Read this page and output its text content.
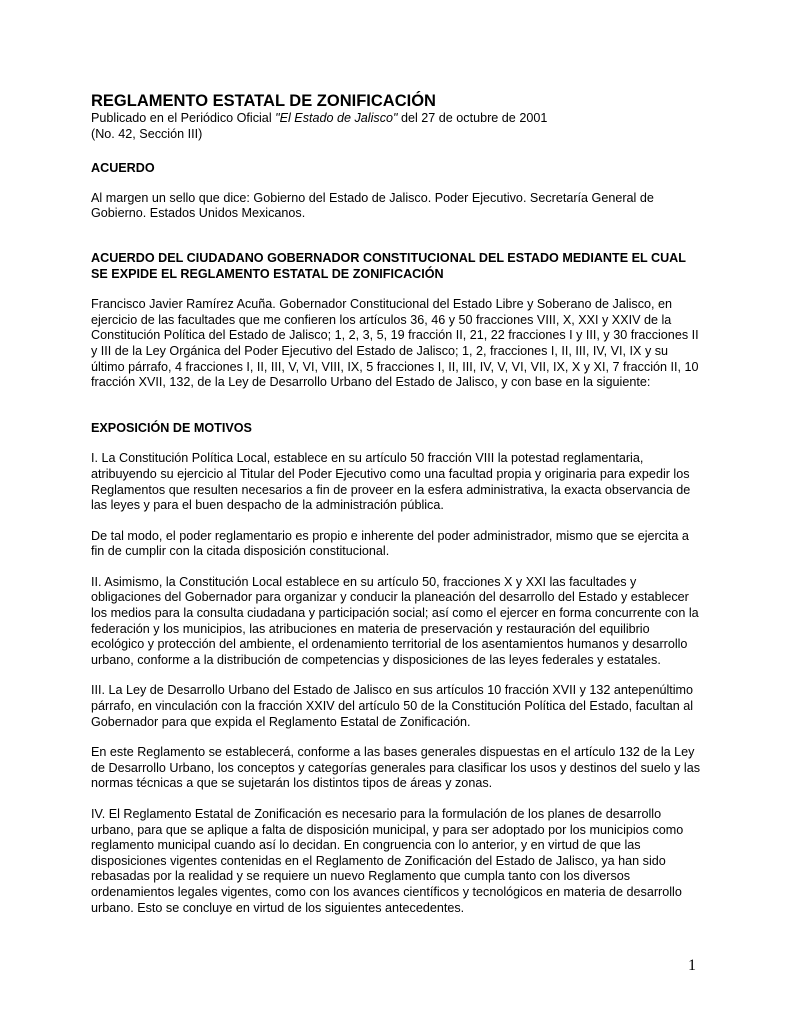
REGLAMENTO ESTATAL DE ZONIFICACIÓN

Publicado en el Periódico Oficial "El Estado de Jalisco" del 27 de octubre de 2001

(No. 42, Sección III)

ACUERDO

Al margen un sello que dice: Gobierno del Estado de Jalisco. Poder Ejecutivo. Secretaría General de Gobierno. Estados Unidos Mexicanos.

ACUERDO DEL CIUDADANO GOBERNADOR CONSTITUCIONAL DEL ESTADO MEDIANTE EL CUAL SE EXPIDE EL REGLAMENTO ESTATAL DE ZONIFICACIÓN

Francisco Javier Ramírez Acuña. Gobernador Constitucional del Estado Libre y Soberano de Jalisco, en ejercicio de las facultades que me confieren los artículos 36, 46 y 50 fracciones VIII, X, XXI y XXIV de la Constitución Política del Estado de Jalisco; 1, 2, 3, 5, 19 fracción II, 21, 22 fracciones I y III, y 30 fracciones II y III de la Ley Orgánica del Poder Ejecutivo del Estado de Jalisco; 1, 2, fracciones I, II, III, IV, VI, IX y su último párrafo, 4 fracciones I, II, III, V, VI, VIII, IX, 5 fracciones I, II, III, IV, V, VI, VII, IX, X y XI, 7 fracción II, 10 fracción XVII, 132, de la Ley de Desarrollo Urbano del Estado de Jalisco, y con base en la siguiente:

EXPOSICIÓN DE MOTIVOS

I. La Constitución Política Local, establece en su artículo 50 fracción VIII la potestad reglamentaria, atribuyendo su ejercicio al Titular del Poder Ejecutivo como una facultad propia y originaria para expedir los Reglamentos que resulten necesarios a fin de proveer en la esfera administrativa, la exacta observancia de las leyes y para el buen despacho de la administración pública.

De tal modo, el poder reglamentario es propio e inherente del poder administrador, mismo que se ejercita a fin de cumplir con la citada disposición constitucional.

II. Asimismo, la Constitución Local establece en su artículo 50, fracciones X y XXI las facultades y obligaciones del Gobernador para organizar y conducir la planeación del desarrollo del Estado y establecer los medios para la consulta ciudadana y participación social; así como el ejercer en forma concurrente con la federación y los municipios, las atribuciones en materia de preservación y restauración del equilibrio ecológico y protección del ambiente, el ordenamiento territorial de los asentamientos humanos y desarrollo urbano, conforme a la distribución de competencias y disposiciones de las leyes federales y estatales.

III. La Ley de Desarrollo Urbano del Estado de Jalisco en sus artículos 10 fracción XVII y 132 antepenúltimo párrafo, en vinculación con la fracción XXIV del artículo 50 de la Constitución Política del Estado, facultan al Gobernador para que expida el Reglamento Estatal de Zonificación.

En este Reglamento se establecerá, conforme a las bases generales dispuestas en el artículo 132 de la Ley de Desarrollo Urbano, los conceptos y categorías generales para clasificar los usos y destinos del suelo y las normas técnicas a que se sujetarán los distintos tipos de áreas y zonas.

IV. El Reglamento Estatal de Zonificación es necesario para la formulación de los planes de desarrollo urbano, para que se aplique a falta de disposición municipal, y para ser adoptado por los municipios como reglamento municipal cuando así lo decidan. En congruencia con lo anterior, y en virtud de que las disposiciones vigentes contenidas en el Reglamento de Zonificación del Estado de Jalisco, ya han sido rebasadas por la realidad y se requiere un nuevo Reglamento que cumpla tanto con los diversos ordenamientos legales vigentes, como con los avances científicos y tecnológicos en materia de desarrollo urbano. Esto se concluye en virtud de los siguientes antecedentes.

1
